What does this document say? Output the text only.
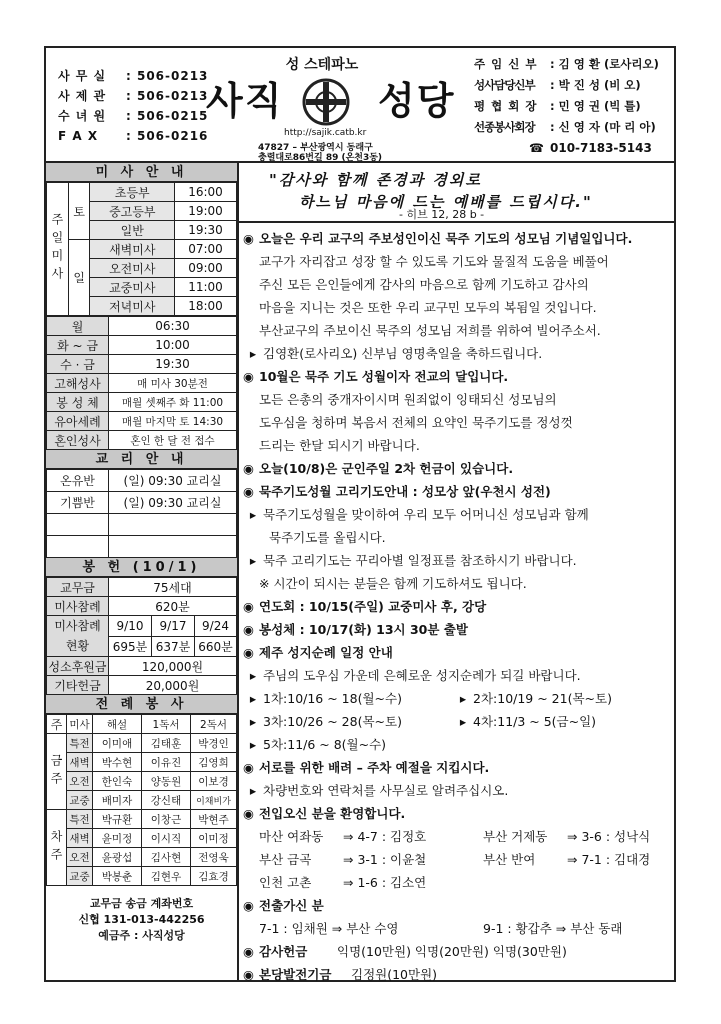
사 무 실 : 506-0213
사 제 관 : 506-0213
수 녀 원 : 506-0215
F A X : 506-0216
성 스테파노
사직 성당
http://sajik.catb.kr
47827 – 부산광역시 동래구
충렬대로86번길 89 (온천3동)
주 임 신 부 : 김 영 환 (로사리오)
성사담당신부 : 박 진 성 (비 오)
평 협 회 장 : 민 영 권 (빅 틀)
선종봉사회장 : 신 영 자 (마 리 아)
☎ 010-7183-5143
미 사 안 내
주일미사	토	초등부	16:00
		중고등부	19:00
		일반	19:30
	일	새벽미사	07:00
		오전미사	09:00
		교중미사	11:00
		저녁미사	18:00
월	06:30
화 ~ 금	10:00
수 · 금	19:30
고해성사	매 미사 30분전
봉 성 체	매월 셋째주 화 11:00
유아세례	매월 마지막 토 14:30
혼인성사	혼인 한 달 전 접수
교 리 안 내
온유반	(일) 09:30 교리실
기쁨반	(일) 09:30 교리실

봉 헌 (10/1)
교무금	75세대		
미사참례	620분		
미사참례
현황	9/10	9/17	9/24
	695분	637분	660분
성소후원금	120,000원		
기타헌금	20,000원		
전 례 봉 사
주	미사	해설	1독서	2독서
금주	특전	이미애	김태훈	박경인
	새벽	박수현	이유진	김영희
	오전	한인숙	양동원	이보경
	교중	배미자	강신태	이채비가
차주	특전	박규환	이창근	박현주
	새벽	윤미정	이시직	이미정
	오전	윤광섭	김사현	전영욱
	교중	박봉춘	김현우	김효경
교무금 송금 계좌번호
신협 131-013-442256
예금주 : 사직성당
"감사와 함께 존경과 경외로
하느님 마음에 드는 예배를 드립시다."
- 히브 12, 28 b -
◉ 오늘은 우리 교구의 주보성인이신 묵주 기도의 성모님 기념일입니다.
교구가 자리잡고 성장 할 수 있도록 기도와 물질적 도움을 베풀어
주신 모든 은인들에게 감사의 마음으로 함께 기도하고 감사의
마음을 지니는 것은 또한 우리 교구민 모두의 복됨일 것입니다.
부산교구의 주보이신 묵주의 성모님 저희를 위하여 빌어주소서.
▸ 김영환(로사리오) 신부님 영명축일을 축하드립니다.
◉ 10월은 묵주 기도 성월이자 전교의 달입니다.
모든 은총의 중개자이시며 원죄없이 잉태되신 성모님의
도우심을 청하며 복음서 전체의 요약인 묵주기도를 정성껏
드리는 한달 되시기 바랍니다.
◉ 오늘(10/8)은 군인주일 2차 헌금이 있습니다.
◉ 묵주기도성월 고리기도안내 : 성모상 앞(우천시 성전)
▸ 묵주기도성월을 맞이하여 우리 모두 어머니신 성모님과 함께
묵주기도를 올립시다.
▸ 묵주 고리기도는 꾸리아별 일정표를 참조하시기 바랍니다.
※ 시간이 되시는 분들은 함께 기도하셔도 됩니다.
◉ 연도회 : 10/15(주일) 교중미사 후, 강당
◉ 봉성체 : 10/17(화) 13시 30분 출발
◉ 제주 성지순례 일정 안내
▸ 주님의 도우심 가운데 은혜로운 성지순례가 되길 바랍니다.
▸ 1차:10/16 ~ 18(월~수)	▸ 2차:10/19 ~ 21(목~토)
▸ 3차:10/26 ~ 28(목~토)	▸ 4차:11/3 ~ 5(금~일)
▸ 5차:11/6 ~ 8(월~수)
◉ 서로를 위한 배려 – 주차 예절을 지킵시다.
▸ 차량번호와 연락처를 사무실로 알려주십시오.
◉ 전입오신 분을 환영합니다.
마산 여좌동 ⇒ 4-7 : 김정호	부산 거제동 ⇒ 3-6 : 성낙식
부산 금곡	⇒ 3-1 : 이윤철	부산 반여	⇒ 7-1 : 김대경
인천 고촌	⇒ 1-6 : 김소연
◉ 전출가신 분
7-1 : 임채원 ⇒ 부산 수영	9-1 : 황갑추 ⇒ 부산 동래
◉ 감사헌금 익명(10만원) 익명(20만원) 익명(30만원)
◉ 본당발전기금 김정원(10만원)
